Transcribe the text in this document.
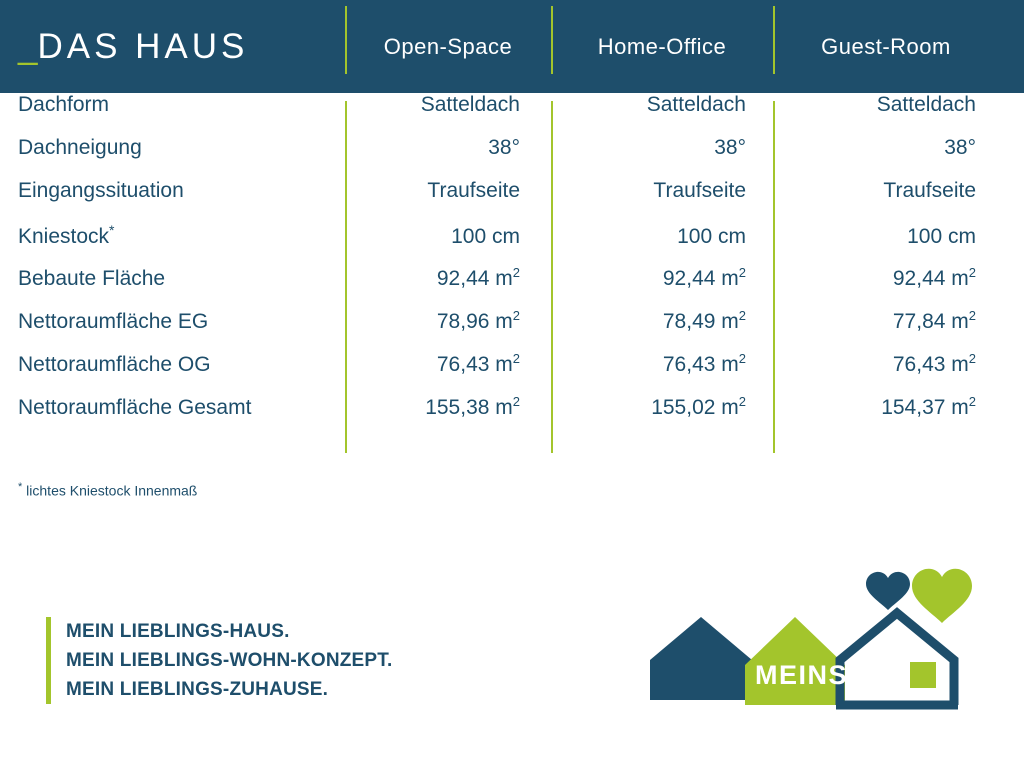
_DAS HAUS	Open-Space	Home-Office	Guest-Room
Dachform	Satteldach	Satteldach	Satteldach
Dachneigung	38°	38°	38°
Eingangssituation	Traufseite	Traufseite	Traufseite
Kniestock*	100 cm	100 cm	100 cm
Bebaute Fläche	92,44 $m^2$	92,44 $m^2$	92,44 $m^2$
Nettoraumfläche EG	78,96 $m^2$	78,49 $m^2$	77,84 $m^2$
Nettoraumfläche OG	76,43 $m^2$	76,43 $m^2$	76,43 $m^2$
Nettoraumfläche Gesamt	155,38 $m^2$	155,02 $m^2$	154,37 $m^2$
* lichtes Kniestock Innenmaß
MEIN LIEBLINGS-HAUS.
MEIN LIEBLINGS-WOHN-KONZEPT.
MEIN LIEBLINGS-ZUHAUSE.	MEINS
